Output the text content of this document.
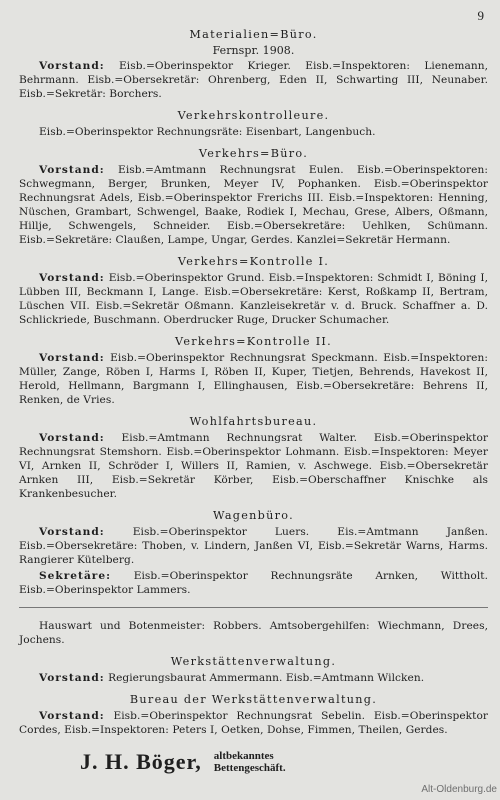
9
Materialien=Büro.
Fernspr. 1908.

Vorstand: Eisb.=Oberinspektor Krieger. Eisb.=Inspektoren: Lienemann, Behrmann. Eisb.=Obersekretär: Ohrenberg, Eden II, Schwarting III, Neunaber. Eisb.=Sekretär: Borchers.

Verkehrskontrolleure.

Eisb.=Oberinspektor Rechnungsräte: Eisenbart, Langenbuch.

Verkehrs=Büro.

Vorstand: Eisb.=Amtmann Rechnungsrat Eulen. Eisb.=Oberinspektoren: Schwegmann, Berger, Brunken, Meyer IV, Pophanken. Eisb.=Oberinspektor Rechnungsrat Adels, Eisb.=Oberinspektor Frerichs III. Eisb.=Inspektoren: Henning, Nüschen, Grambart, Schwengel, Baake, Rodiek I, Mechau, Grese, Albers, Oßmann, Hillje, Schwengels, Schneider. Eisb.=Obersekretäre: Uehlken, Schümann. Eisb.=Sekretäre: Claußen, Lampe, Ungar, Gerdes. Kanzlei=Sekretär Hermann.

Verkehrs=Kontrolle I.

Vorstand: Eisb.=Oberinspektor Grund. Eisb.=Inspektoren: Schmidt I, Böning I, Lübben III, Beckmann I, Lange. Eisb.=Obersekretäre: Kerst, Roßkamp II, Bertram, Lüschen VII. Eisb.=Sekretär Oßmann. Kanzleisekretär v. d. Bruck. Schaffner a. D. Schlickriede, Buschmann. Oberdrucker Ruge, Drucker Schumacher.

Verkehrs=Kontrolle II.

Vorstand: Eisb.=Oberinspektor Rechnungsrat Speckmann. Eisb.=Inspektoren: Müller, Zange, Röben I, Harms I, Röben II, Kuper, Tietjen, Behrends, Havekost II, Herold, Hellmann, Bargmann I, Ellinghausen, Eisb.=Obersekretäre: Behrens II, Renken, de Vries.

Wohlfahrtsbureau.

Vorstand: Eisb.=Amtmann Rechnungsrat Walter. Eisb.=Oberinspektor Rechnungsrat Stemshorn. Eisb.=Oberinspektor Lohmann. Eisb.=Inspektoren: Meyer VI, Arnken II, Schröder I, Willers II, Ramien, v. Aschwege. Eisb.=Obersekretär Arnken III, Eisb.=Sekretär Körber, Eisb.=Oberschaffner Knischke als Krankenbesucher.

Wagenbüro.

Vorstand:	Eisb.=Oberinspektor Luers. Eis.=Amtmann Janßen. Eisb.=Obersekretäre: Thoben, v. Lindern, Janßen VI, Eisb.=Sekretär Warns, Harms. Rangierer Kütelberg.

Sekretäre: Eisb.=Oberinspektor Rechnungsräte Arnken, Wittholt. Eisb.=Oberinspektor Lammers.

Hauswart und Botenmeister: Robbers. Amtsobergehilfen: Wiechmann, Drees, Jochens.

Werkstättenverwaltung.

Vorstand: Regierungsbaurat Ammermann. Eisb.=Amtmann Wilcken.

Bureau der Werkstättenverwaltung.

Vorstand: Eisb.=Oberinspektor Rechnungsrat Sebelin. Eisb.=Oberinspektor Cordes, Eisb.=Inspektoren: Peters I, Oetken, Dohse, Fimmen, Theilen, Gerdes.

J. H. Böger, altbekanntes
Bettengeschäft.
Alt-Oldenburg.de
